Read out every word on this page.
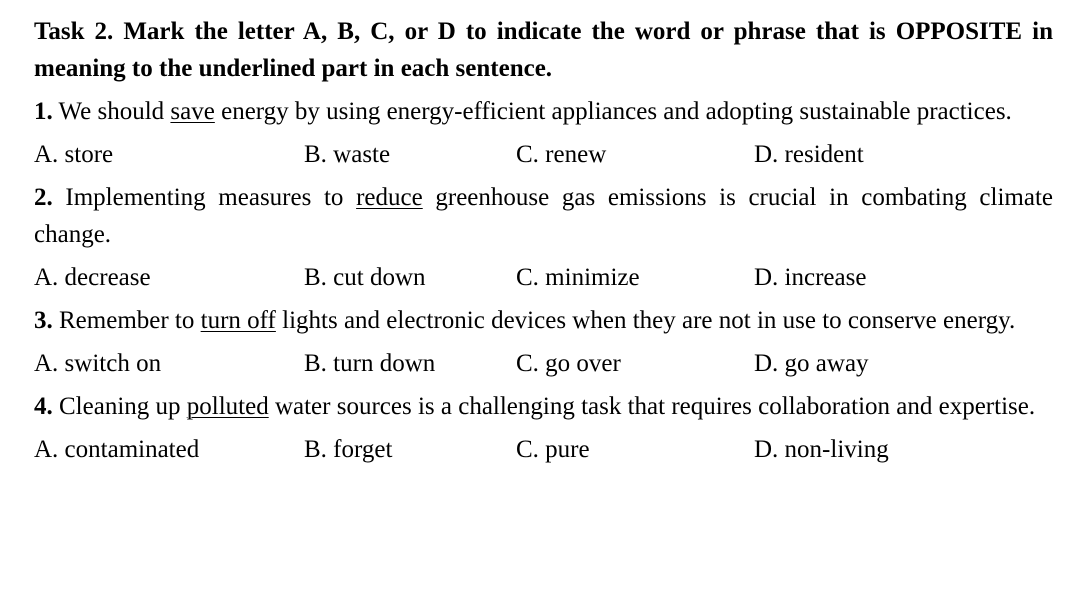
Task 2. Mark the letter A, B, C, or D to indicate the word or phrase that is OPPOSITE in meaning to the underlined part in each sentence.

1. We should save energy by using energy-efficient appliances and adopting sustainable practices.

A. store	B. waste	C. renew	D. resident

2. Implementing measures to reduce greenhouse gas emissions is crucial in combating climate change.

A. decrease	B. cut down	C. minimize	D. increase

3. Remember to turn off lights and electronic devices when they are not in use to conserve energy.

A. switch on	B. turn down	C. go over	D. go away

4. Cleaning up polluted water sources is a challenging task that requires collaboration and expertise.

A. contaminated	B. forget	C. pure	D. non-living
